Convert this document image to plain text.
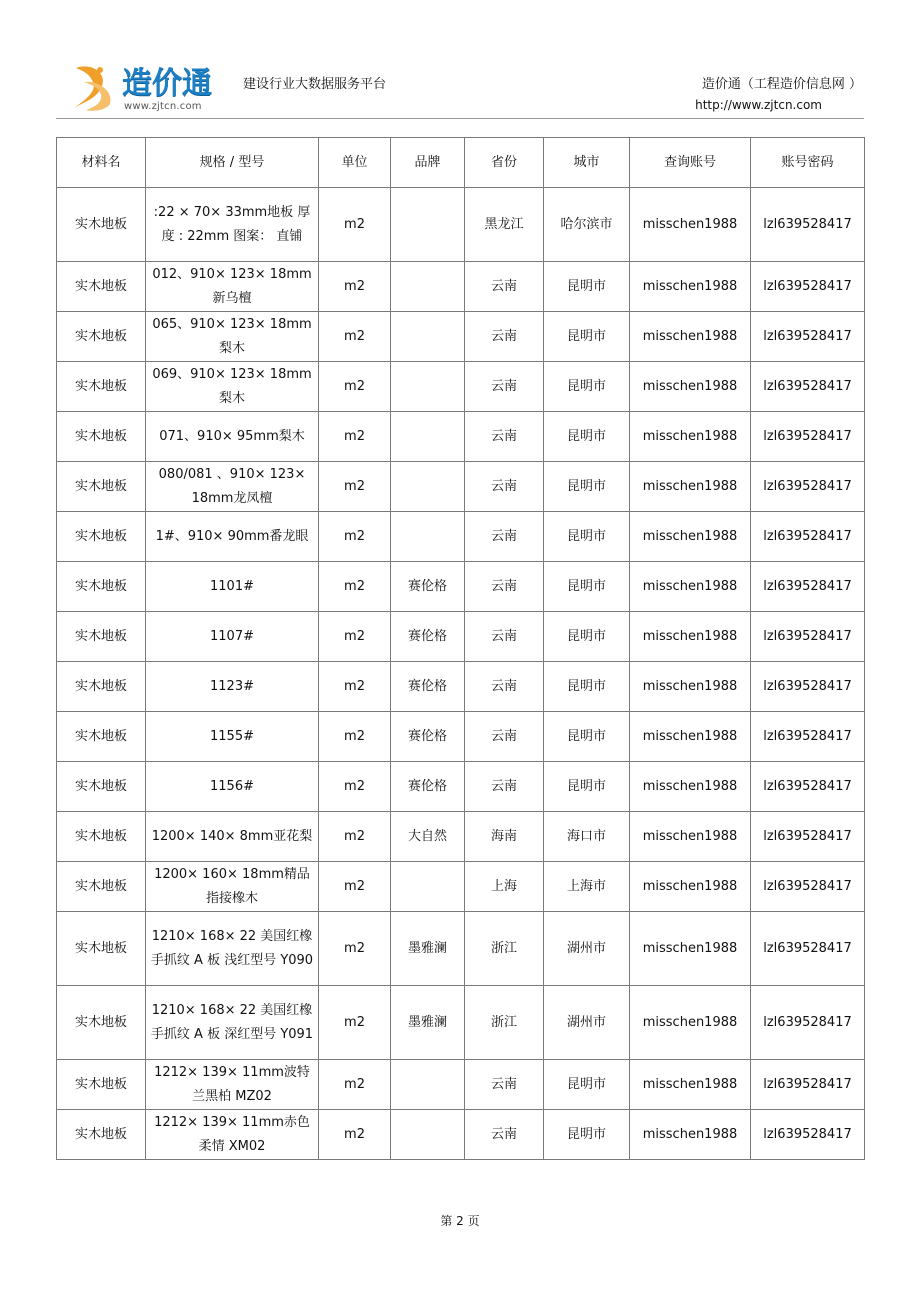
造价通
www.zjtcn.com
建设行业大数据服务平台	造价通（工程造价信息网 ）
http://www.zjtcn.com
材料名	规格 / 型号	单位	品牌	省份	城市	查询账号	账号密码
实木地板	:22 × 70× 33mm地板 厚度 : 22mm 图案： 直铺	m2		黑龙江	哈尔滨市	misschen1988	lzl639528417
实木地板	012、910× 123× 18mm新乌檀	m2		云南	昆明市	misschen1988	lzl639528417
实木地板	065、910× 123× 18mm梨木	m2		云南	昆明市	misschen1988	lzl639528417
实木地板	069、910× 123× 18mm梨木	m2		云南	昆明市	misschen1988	lzl639528417
实木地板	071、910× 95mm梨木	m2		云南	昆明市	misschen1988	lzl639528417
实木地板	080/081 、910× 123× 18mm龙凤檀	m2		云南	昆明市	misschen1988	lzl639528417
实木地板	1#、910× 90mm番龙眼	m2		云南	昆明市	misschen1988	lzl639528417
实木地板	1101#	m2	赛伦格	云南	昆明市	misschen1988	lzl639528417
实木地板	1107#	m2	赛伦格	云南	昆明市	misschen1988	lzl639528417
实木地板	1123#	m2	赛伦格	云南	昆明市	misschen1988	lzl639528417
实木地板	1155#	m2	赛伦格	云南	昆明市	misschen1988	lzl639528417
实木地板	1156#	m2	赛伦格	云南	昆明市	misschen1988	lzl639528417
实木地板	1200× 140× 8mm亚花梨	m2	大自然	海南	海口市	misschen1988	lzl639528417
实木地板	1200× 160× 18mm精品指接橡木	m2		上海	上海市	misschen1988	lzl639528417
实木地板	1210× 168× 22 美国红橡手抓纹 A 板 浅红型号 Y090	m2	墨雅澜	浙江	湖州市	misschen1988	lzl639528417
实木地板	1210× 168× 22 美国红橡手抓纹 A 板 深红型号 Y091	m2	墨雅澜	浙江	湖州市	misschen1988	lzl639528417
实木地板	1212× 139× 11mm波特兰黑柏 MZ02	m2		云南	昆明市	misschen1988	lzl639528417
实木地板	1212× 139× 11mm赤色柔情 XM02	m2		云南	昆明市	misschen1988	lzl639528417
第 2 页
